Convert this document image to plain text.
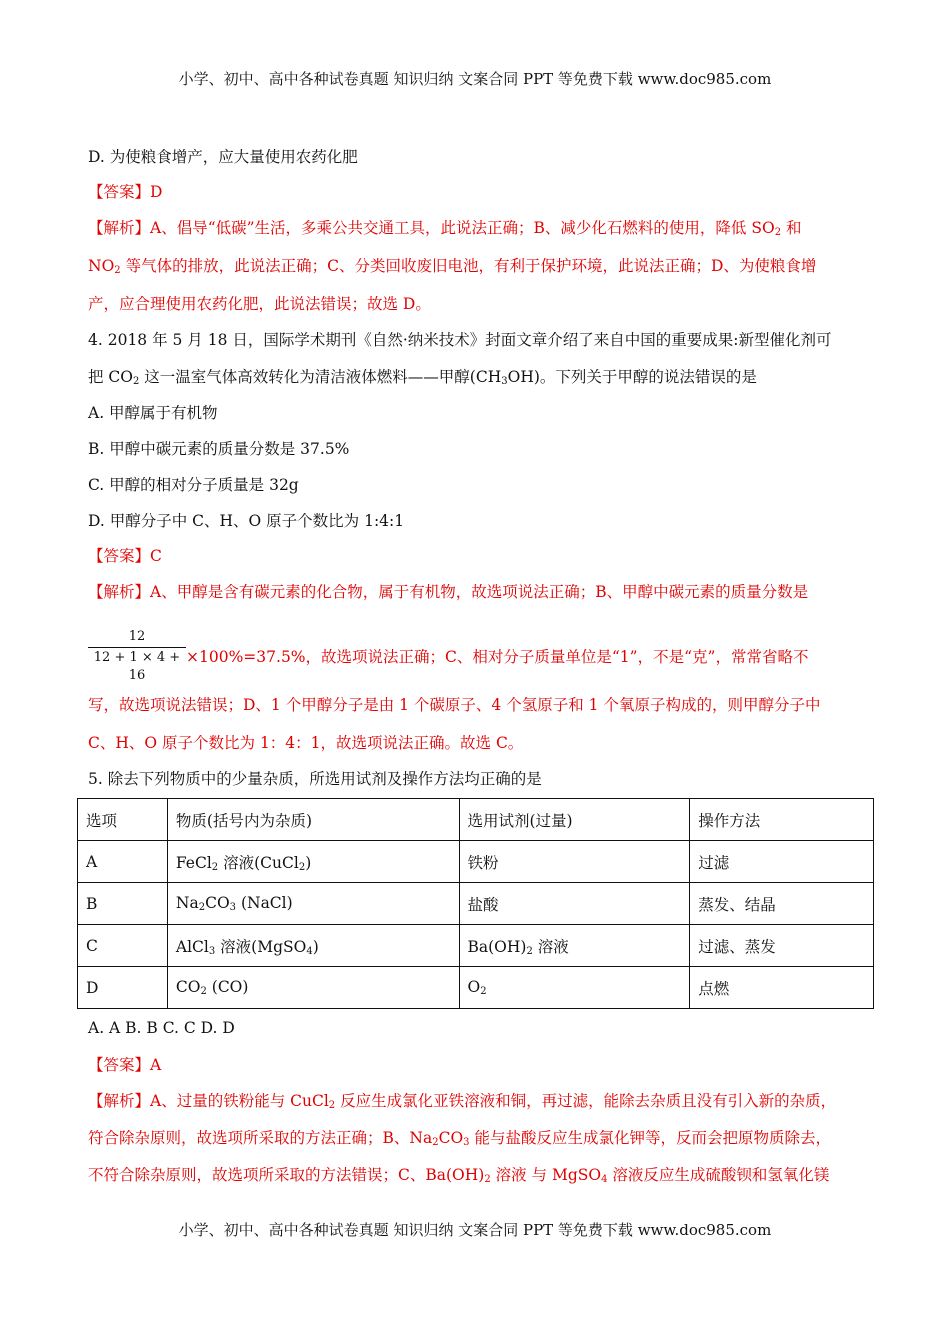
小学、初中、高中各种试卷真题 知识归纳 文案合同 PPT 等免费下载 www.doc985.com
D. 为使粮食增产，应大量使用农药化肥
【答案】D
【解析】A、倡导“低碳”生活，多乘公共交通工具，此说法正确；B、减少化石燃料的使用，降低 $SO_2$ 和
$NO_2$ 等气体的排放，此说法正确；C、分类回收废旧电池，有利于保护环境，此说法正确；D、为使粮食增
产，应合理使用农药化肥，此说法错误；故选 D。
4. 2018 年 5 月 18 日，国际学术期刊《自然·纳米技术》封面文章介绍了来自中国的重要成果:新型催化剂可
把 $CO_2$ 这一温室气体高效转化为清洁液体燃料——甲醇$(CH_3OH)$。下列关于甲醇的说法错误的是
A. 甲醇属于有机物
B. 甲醇中碳元素的质量分数是 37.5%
C. 甲醇的相对分子质量是 32g
D. 甲醇分子中 C、H、O 原子个数比为 1:4:1
【答案】C
【解析】A、甲醇是含有碳元素的化合物，属于有机物，故选项说法正确；B、甲醇中碳元素的质量分数是
12
12 + 1 × 4 + 16
×100%=37.5%，故选项说法正确；C、相对分子质量单位是“1”，不是“克”，常常省略不
写，故选项说法错误；D、1 个甲醇分子是由 1 个碳原子、4 个氢原子和 1 个氧原子构成的，则甲醇分子中
C、H、O 原子个数比为 1：4：1，故选项说法正确。故选 C。
5. 除去下列物质中的少量杂质，所选用试剂及操作方法均正确的是
选项	物质(括号内为杂质)	选用试剂(过量)	操作方法
A	FeCl$_2$ 溶液(CuCl$_2$)	铁粉	过滤
B	$Na_2CO_3$ (NaCl)	盐酸	蒸发、结晶
C	AlCl$_3$ 溶液(MgSO$_4$)	$Ba(OH)_2$ 溶液	过滤、蒸发
D	$CO_2$ (CO)	$O_2$	点燃
A. A B. B C. C D. D
【答案】A
【解析】A、过量的铁粉能与 CuCl$_2$ 反应生成氯化亚铁溶液和铜，再过滤，能除去杂质且没有引入新的杂质，
符合除杂原则，故选项所采取的方法正确；B、$Na_2CO_3$ 能与盐酸反应生成氯化钾等，反而会把原物质除去，
不符合除杂原则，故选项所采取的方法错误；C、$Ba(OH)_2$ 溶液 与 MgSO$_4$ 溶液反应生成硫酸钡和氢氧化镁
小学、初中、高中各种试卷真题 知识归纳 文案合同 PPT 等免费下载 www.doc985.com
